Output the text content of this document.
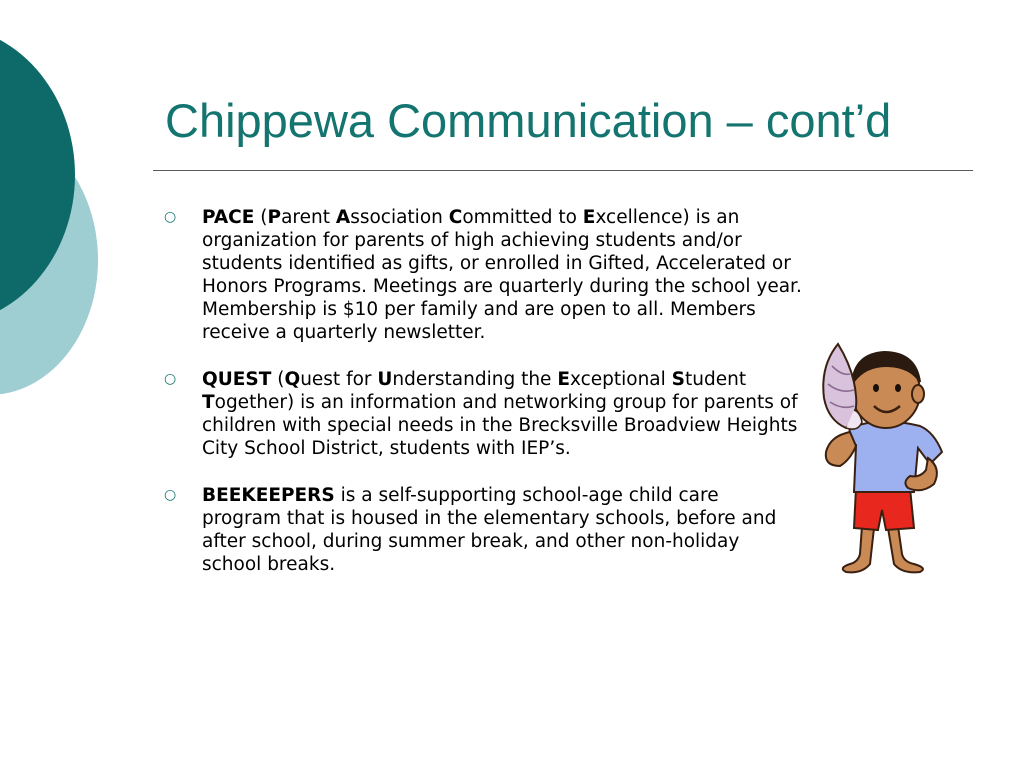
Chippewa Communication – cont’d
○ PACE (Parent Association Committed to Excellence) is an organization for parents of high achieving students and/or students identified as gifts, or enrolled in Gifted, Accelerated or Honors Programs. Meetings are quarterly during the school year. Membership is $10 per family and are open to all. Members receive a quarterly newsletter.
○ QUEST (Quest for Understanding the Exceptional Student Together) is an information and networking group for parents of children with special needs in the Brecksville Broadview Heights City School District, students with IEP’s.
○ BEEKEEPERS is a self-supporting school-age child care program that is housed in the elementary schools, before and after school, during summer break, and other non-holiday school breaks.
